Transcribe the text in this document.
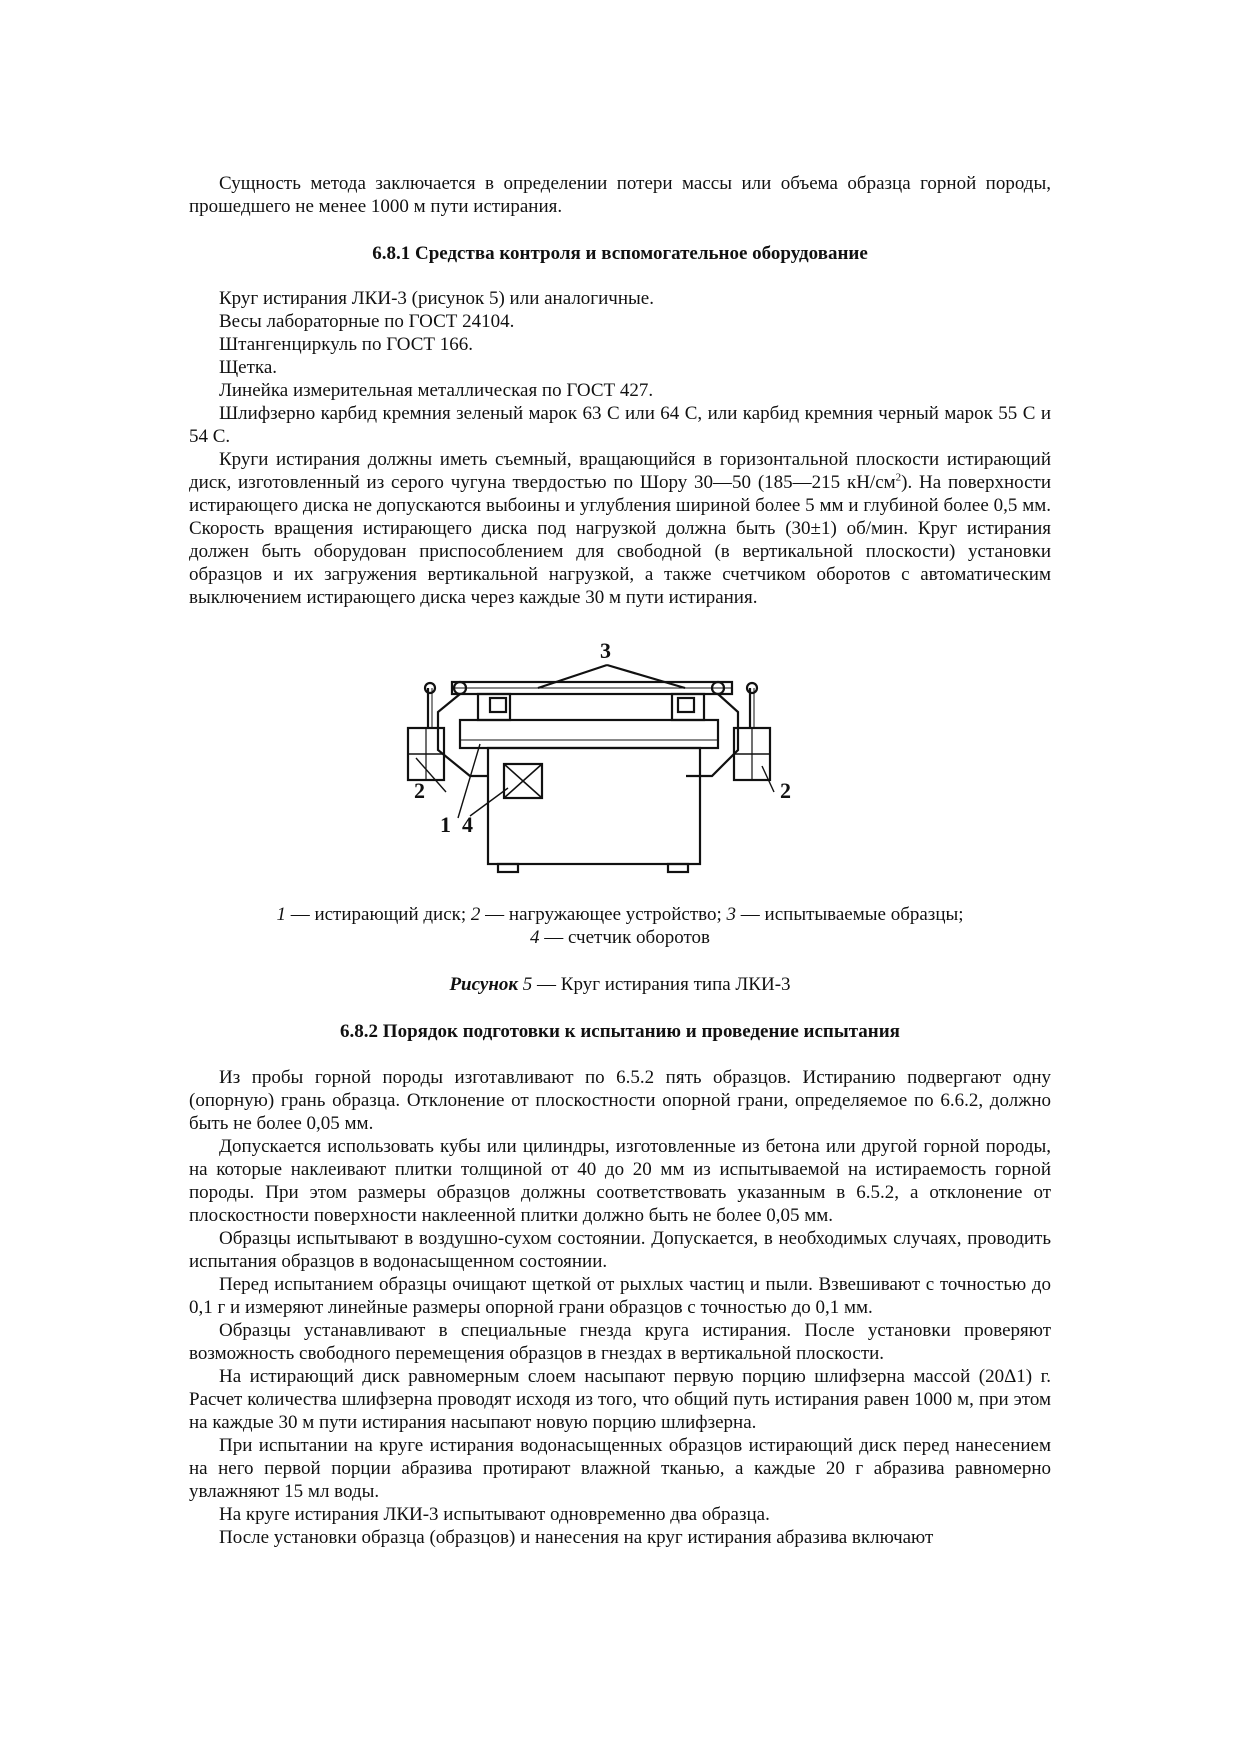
Сущность метода заключается в определении потери массы или объема образца горной породы, прошедшего не менее 1000 м пути истирания.

6.8.1 Средства контроля и вспомогательное оборудование

Круг истирания ЛКИ-3 (рисунок 5) или аналогичные.

Весы лабораторные по ГОСТ 24104.

Штангенциркуль по ГОСТ 166.

Щетка.

Линейка измерительная металлическая по ГОСТ 427.

Шлифзерно карбид кремния зеленый марок 63 С или 64 С, или карбид кремния черный марок 55 С и 54 С.

Круги истирания должны иметь съемный, вращающийся в горизонтальной плоскости истирающий диск, изготовленный из серого чугуна твердостью по Шору 30—50 (185—215 $кН/см^2$). На поверхности истирающего диска не допускаются выбоины и углубления шириной более 5 мм и глубиной более 0,5 мм. Скорость вращения истирающего диска под нагрузкой должна быть (30±1) об/мин. Круг истирания должен быть оборудован приспособлением для свободной (в вертикальной плоскости) установки образцов и их загружения вертикальной нагрузкой, а также счетчиком оборотов с автоматическим выключением истирающего диска через каждые 30 м пути истирания.

3
2	2
1 4
1 — истирающий диск; 2 — нагружающее устройство; 3 — испытываемые образцы;
4 — счетчик оборотов
Рисунок 5 — Круг истирания типа ЛКИ-3
6.8.2 Порядок подготовки к испытанию и проведение испытания

Из пробы горной породы изготавливают по 6.5.2 пять образцов. Истиранию подвергают одну (опорную) грань образца. Отклонение от плоскостности опорной грани, определяемое по 6.6.2, должно быть не более 0,05 мм.

Допускается использовать кубы или цилиндры, изготовленные из бетона или другой горной породы, на которые наклеивают плитки толщиной от 40 до 20 мм из испытываемой на истираемость горной породы. При этом размеры образцов должны соответствовать указанным в 6.5.2, а отклонение от плоскостности поверхности наклеенной плитки должно быть не более 0,05 мм.

Образцы испытывают в воздушно-сухом состоянии. Допускается, в необходимых случаях, проводить испытания образцов в водонасыщенном состоянии.

Перед испытанием образцы очищают щеткой от рыхлых частиц и пыли. Взвешивают с точностью до 0,1 г и измеряют линейные размеры опорной грани образцов с точностью до 0,1 мм.

Образцы устанавливают в специальные гнезда круга истирания. После установки проверяют возможность свободного перемещения образцов в гнездах в вертикальной плоскости.

На истирающий диск равномерным слоем насыпают первую порцию шлифзерна массой (20Δ1) г. Расчет количества шлифзерна проводят исходя из того, что общий путь истирания равен 1000 м, при этом на каждые 30 м пути истирания насыпают новую порцию шлифзерна.

При испытании на круге истирания водонасыщенных образцов истирающий диск перед нанесением на него первой порции абразива протирают влажной тканью, а каждые 20 г абразива равномерно увлажняют 15 мл воды.

На круге истирания ЛКИ-3 испытывают одновременно два образца.

После установки образца (образцов) и нанесения на круг истирания абразива включают
